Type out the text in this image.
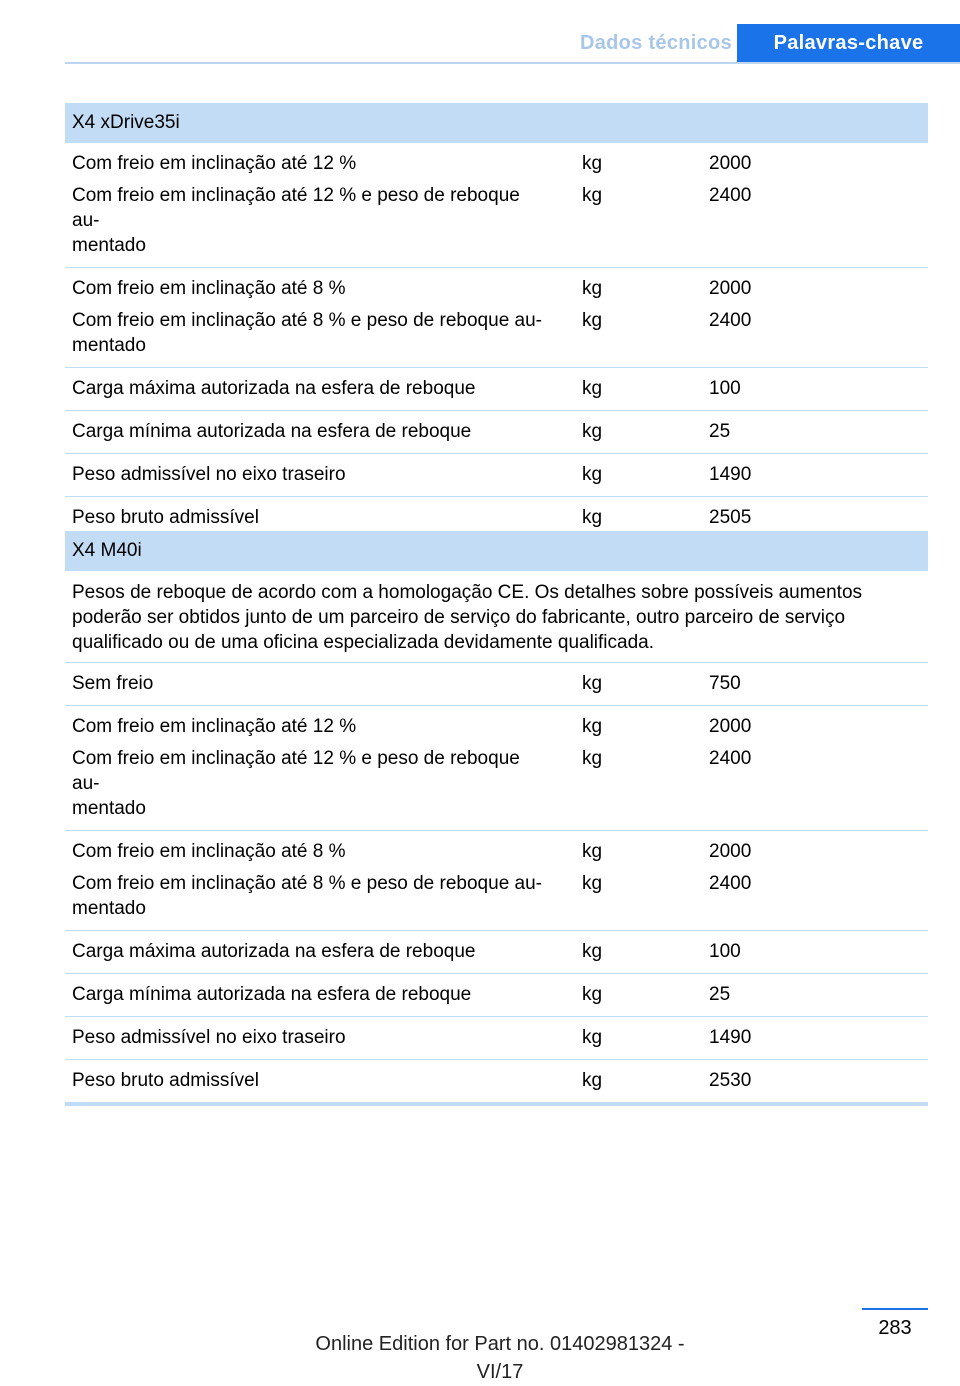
Dados técnicos	Palavras-chave
X4 xDrive35i
Com freio em inclinação até 12 %	kg	2000
Com freio em inclinação até 12 % e peso de reboque au-
mentado
kg	2400
Com freio em inclinação até 8 %	kg	2000
Com freio em inclinação até 8 % e peso de reboque au-
mentado
kg	2400
Carga máxima autorizada na esfera de reboque	kg	100
Carga mínima autorizada na esfera de reboque	kg	25
Peso admissível no eixo traseiro	kg	1490
Peso bruto admissível	kg	2505
X4 M40i
Pesos de reboque de acordo com a homologação CE. Os detalhes sobre possíveis aumentos poderão ser obtidos junto de um parceiro de serviço do fabricante, outro parceiro de serviço qualificado ou de uma oficina especializada devidamente qualificada.
Sem freio	kg	750
Com freio em inclinação até 12 %	kg	2000
Com freio em inclinação até 12 % e peso de reboque au-
mentado
kg	2400
Com freio em inclinação até 8 %	kg	2000
Com freio em inclinação até 8 % e peso de reboque au-
mentado
kg	2400
Carga máxima autorizada na esfera de reboque	kg	100
Carga mínima autorizada na esfera de reboque	kg	25
Peso admissível no eixo traseiro	kg	1490
Peso bruto admissível	kg	2530
283
Online Edition for Part no. 01402981324 - VI/17
